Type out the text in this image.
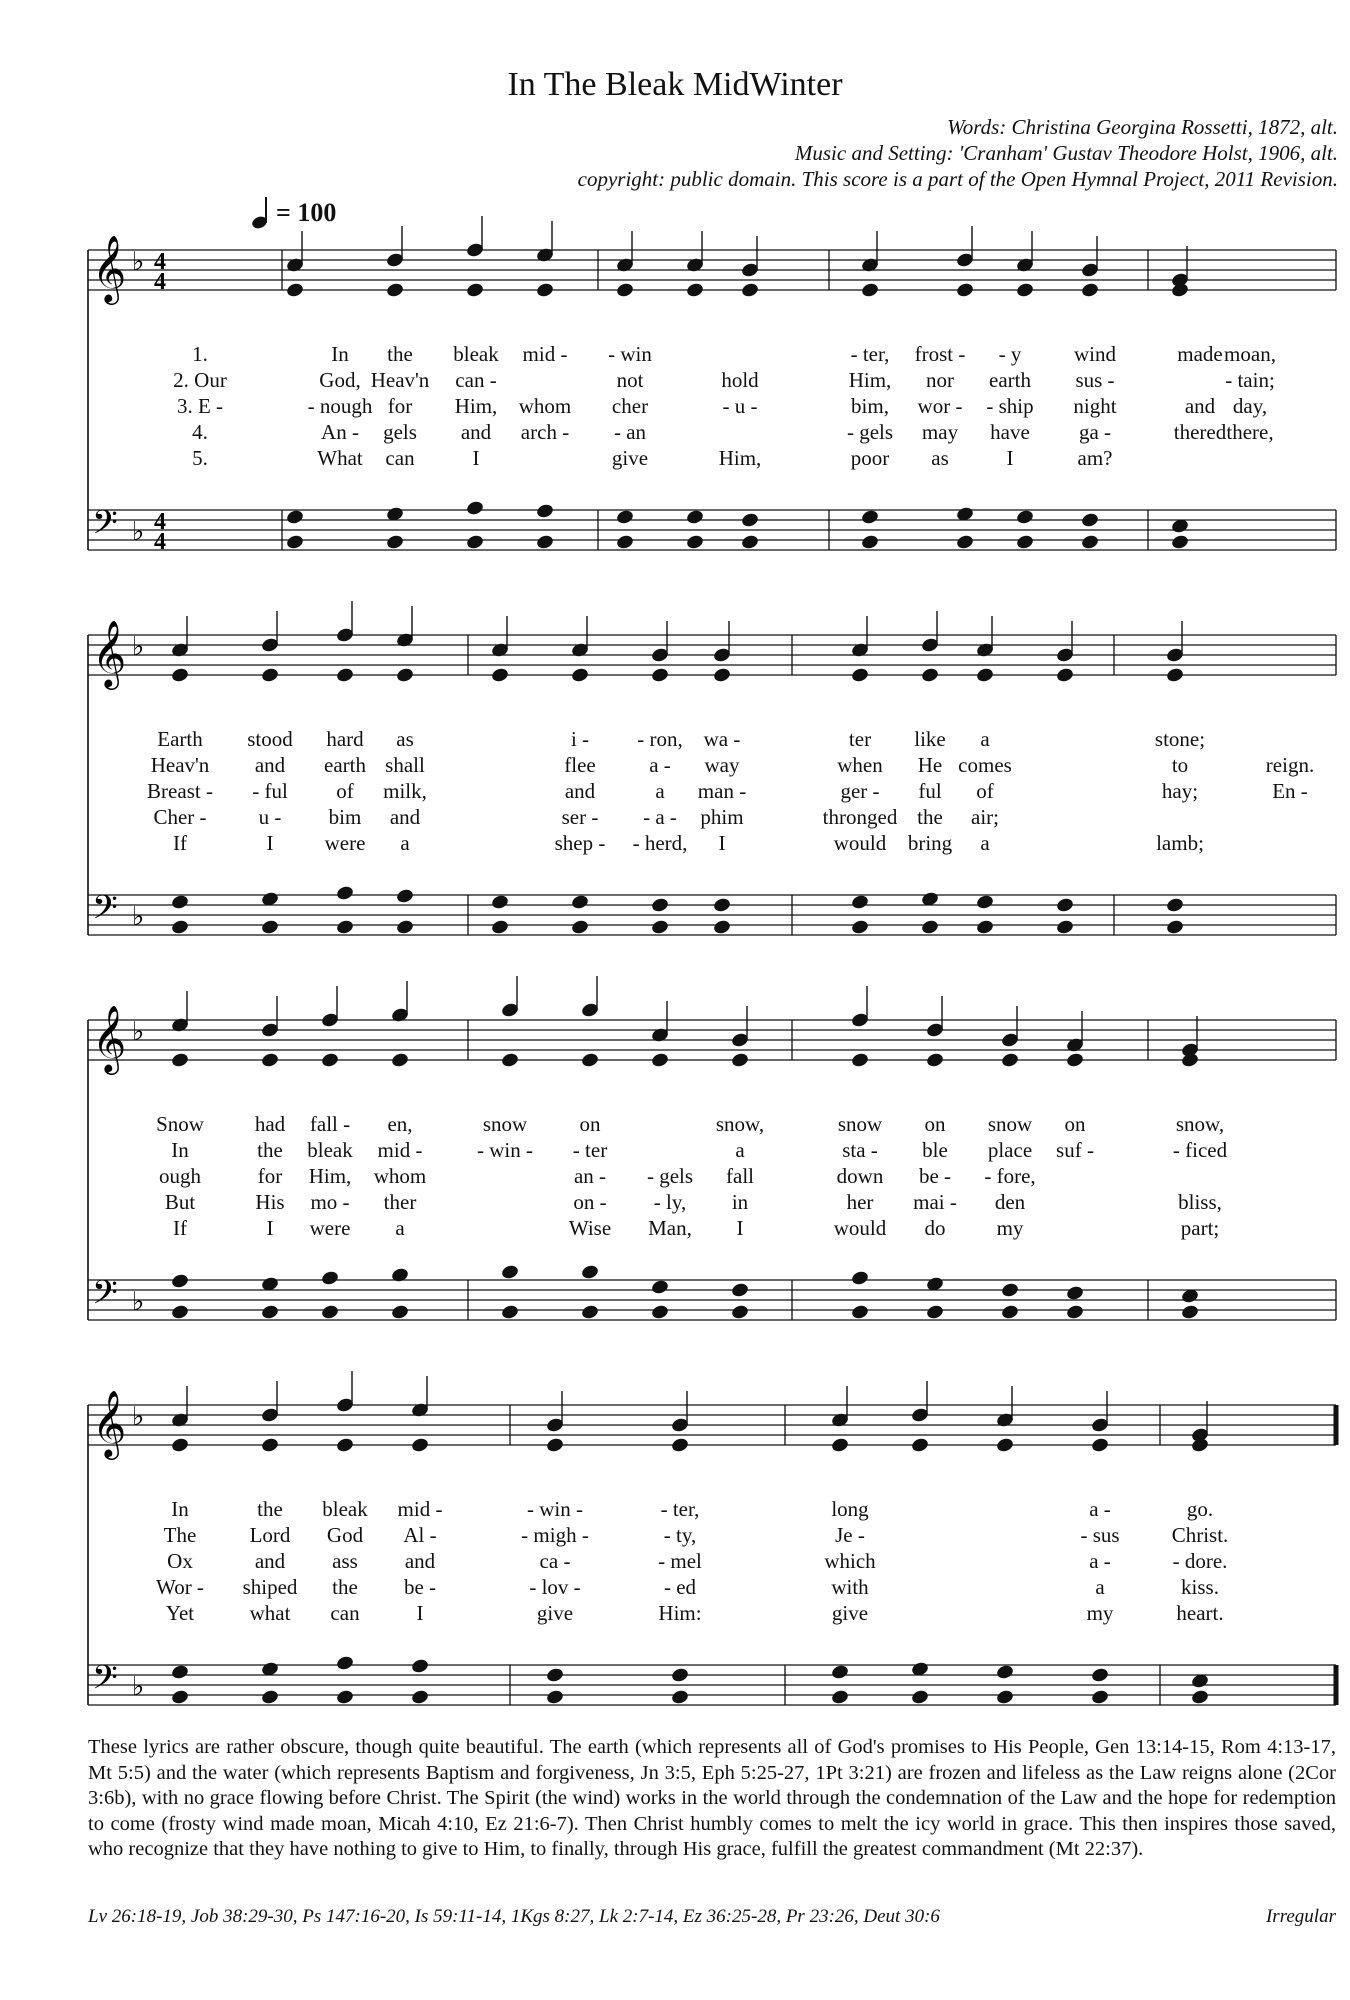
In The Bleak MidWinter
Words: Christina Georgina Rossetti, 1872, alt.
Music and Setting: 'Cranham' Gustav Theodore Holst, 1906, alt.
copyright: public domain. This score is a part of the Open Hymnal Project, 2011 Revision.
= 100
𝄞
𝄢
♭
♭
4
4
4
4
𝄞
𝄢
♭
♭
𝄞
𝄢
♭
♭
𝄞
𝄢
♭
♭
1.	In the bleak mid - - win	- ter, frost - - y	wind	made moan,
2. Our	God, Heav'n can -	not	hold	Him, nor earth sus -	- tain;
3. E -	- nough for Him, whom cher	- u -	bim, wor - - ship night	and day,
4.	An - gels and arch - - an	- gels may have ga -	thered there,
5.	What can	I	give	Him,	poor as	I	am?
Earth stood hard as	i - - ron, wa -	ter like a	stone;
Heav'n and earth shall	flee	a - way	when He comes	to	reign.
Breast - - ful of milk,	and	a man -	ger - ful of	hay;	En -
Cher - u - bim and	ser - - a - phim	thronged the air;
If	I were a	shep - - herd, I	would bring a	lamb;
Snow had fall - en,	snow on	snow,	snow on snow on	snow,
In	the bleak mid -	- win - - ter	a	sta - ble place suf -	- ficed
ough	for Him, whom	an - - gels fall	down be - - fore,
But	His mo - ther	on - - ly, in	her mai - den	bliss,
If	I were a	Wise Man, I	would do my	part;
In	the bleak mid -	- win -	- ter,	long	a -	go.
The	Lord God Al -	- migh -	- ty,	Je -	- sus Christ.
Ox	and ass and	ca -	- mel	which	a -	- dore.
Wor - shiped the be -	- lov -	- ed	with	a	kiss.
Yet	what can	I	give	Him:	give	my	heart.
These lyrics are rather obscure, though quite beautiful. The earth (which represents all of God's promises to His People, Gen 13:14-15, Rom 4:13-17, Mt 5:5) and the water (which represents Baptism and forgiveness, Jn 3:5, Eph 5:25-27, 1Pt 3:21) are frozen and lifeless as the Law reigns alone (2Cor 3:6b), with no grace flowing before Christ. The Spirit (the wind) works in the world through the condemnation of the Law and the hope for redemption to come (frosty wind made moan, Micah 4:10, Ez 21:6-7). Then Christ humbly comes to melt the icy world in grace. This then inspires those saved, who recognize that they have nothing to give to Him, to finally, through His grace, fulfill the greatest commandment (Mt 22:37).
Lv 26:18-19, Job 38:29-30, Ps 147:16-20, Is 59:11-14, 1Kgs 8:27, Lk 2:7-14, Ez 36:25-28, Pr 23:26, Deut 30:6	Irregular
